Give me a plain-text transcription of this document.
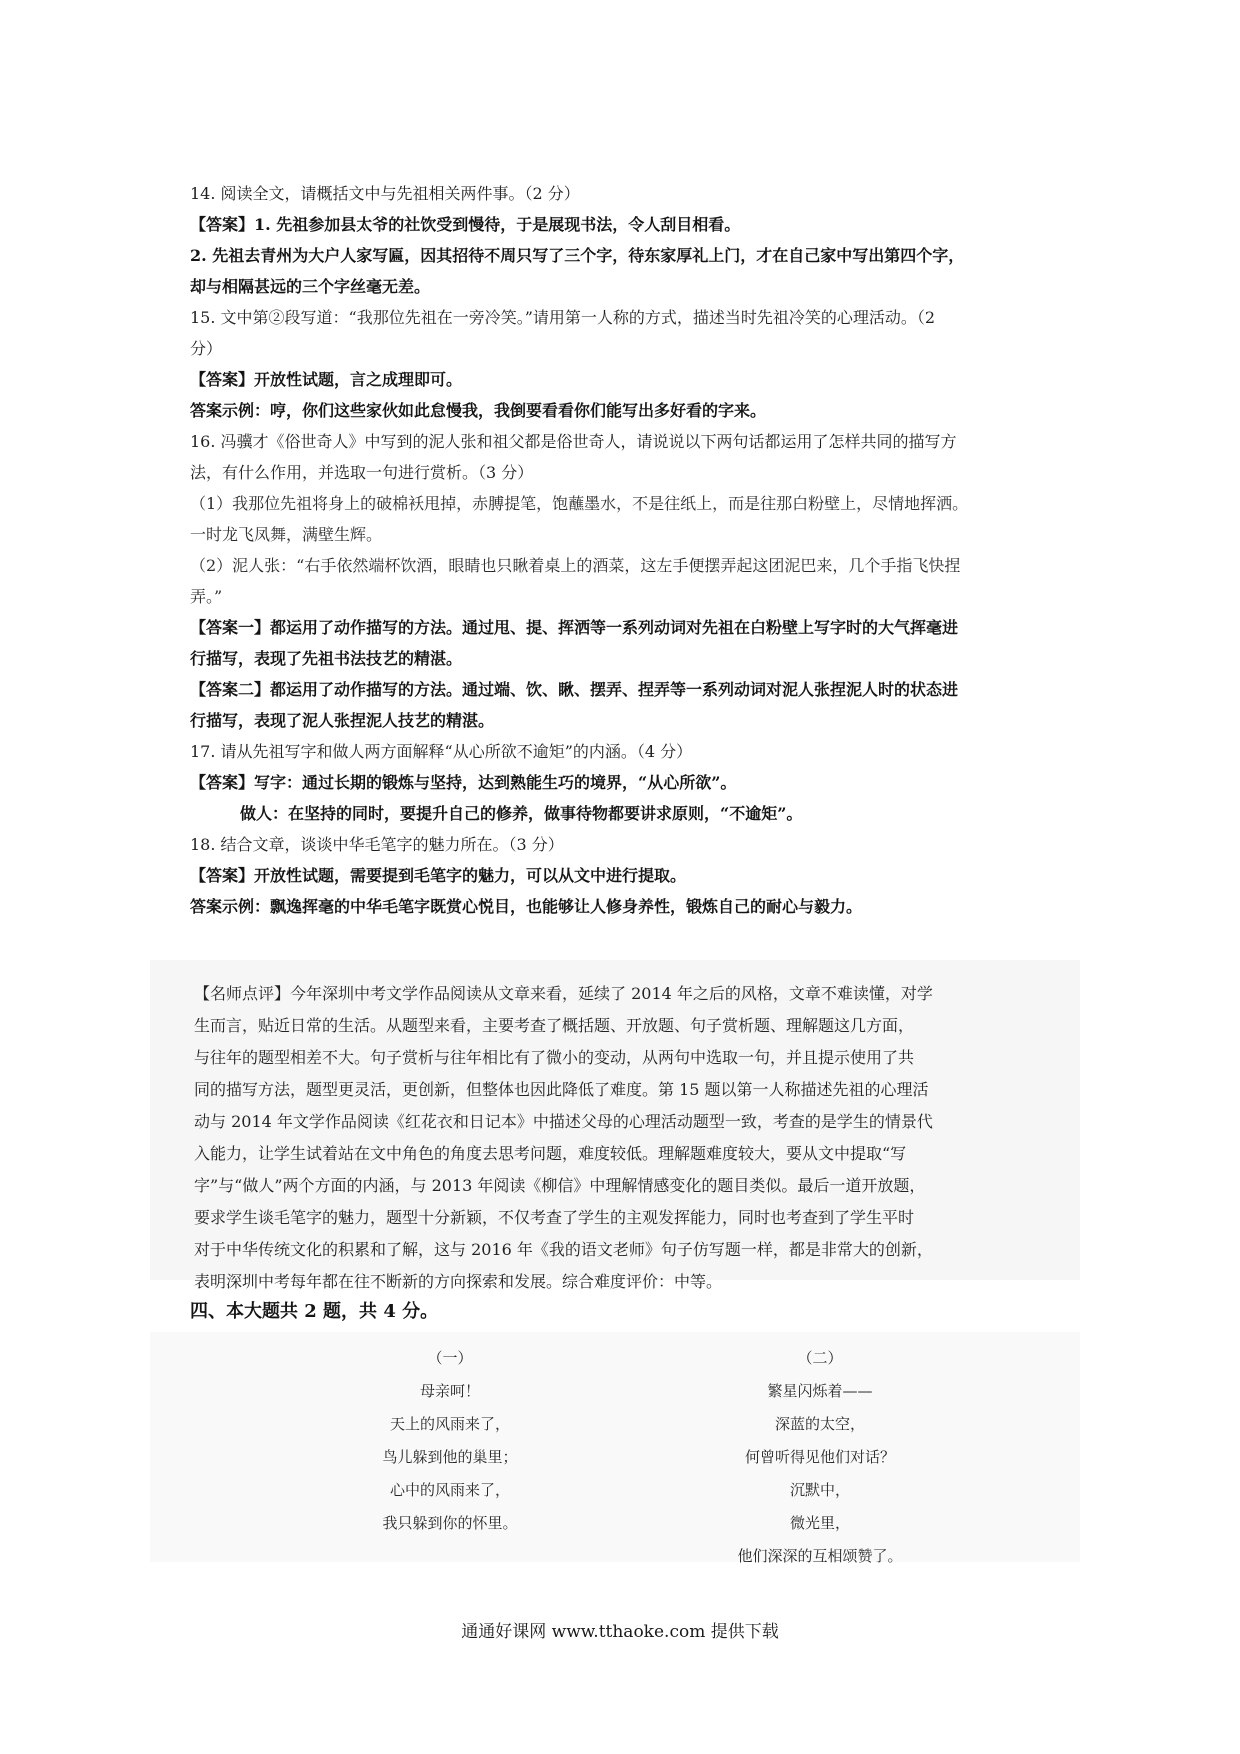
14. 阅读全文，请概括文中与先祖相关两件事。（2 分）
【答案】1. 先祖参加县太爷的社饮受到慢待，于是展现书法，令人刮目相看。
2. 先祖去青州为大户人家写匾，因其招待不周只写了三个字，待东家厚礼上门，才在自己家中写出第四个字，
却与相隔甚远的三个字丝毫无差。
15. 文中第②段写道：“我那位先祖在一旁冷笑。”请用第一人称的方式，描述当时先祖冷笑的心理活动。（2
分）
【答案】开放性试题，言之成理即可。
答案示例：哼，你们这些家伙如此怠慢我，我倒要看看你们能写出多好看的字来。
16. 冯骥才《俗世奇人》中写到的泥人张和祖父都是俗世奇人，请说说以下两句话都运用了怎样共同的描写方
法，有什么作用，并选取一句进行赏析。（3 分）
（1）我那位先祖将身上的破棉袄甩掉，赤膊提笔，饱蘸墨水，不是往纸上，而是往那白粉壁上，尽情地挥洒。
一时龙飞凤舞，满壁生辉。
（2）泥人张：“右手依然端杯饮酒，眼睛也只瞅着桌上的酒菜，这左手便摆弄起这团泥巴来，几个手指飞快捏
弄。”
【答案一】都运用了动作描写的方法。通过甩、提、挥洒等一系列动词对先祖在白粉壁上写字时的大气挥毫进
行描写，表现了先祖书法技艺的精湛。
【答案二】都运用了动作描写的方法。通过端、饮、瞅、摆弄、捏弄等一系列动词对泥人张捏泥人时的状态进
行描写，表现了泥人张捏泥人技艺的精湛。
17. 请从先祖写字和做人两方面解释“从心所欲不逾矩”的内涵。（4 分）
【答案】写字：通过长期的锻炼与坚持，达到熟能生巧的境界，“从心所欲”。
做人：在坚持的同时，要提升自己的修养，做事待物都要讲求原则，“不逾矩”。
18. 结合文章，谈谈中华毛笔字的魅力所在。（3 分）
【答案】开放性试题，需要提到毛笔字的魅力，可以从文中进行提取。
答案示例：飘逸挥毫的中华毛笔字既赏心悦目，也能够让人修身养性，锻炼自己的耐心与毅力。
【名师点评】今年深圳中考文学作品阅读从文章来看，延续了 2014 年之后的风格，文章不难读懂，对学
生而言，贴近日常的生活。从题型来看，主要考查了概括题、开放题、句子赏析题、理解题这几方面，
与往年的题型相差不大。句子赏析与往年相比有了微小的变动，从两句中选取一句，并且提示使用了共
同的描写方法，题型更灵活，更创新，但整体也因此降低了难度。第 15 题以第一人称描述先祖的心理活
动与 2014 年文学作品阅读《红花衣和日记本》中描述父母的心理活动题型一致，考查的是学生的情景代
入能力，让学生试着站在文中角色的角度去思考问题，难度较低。理解题难度较大，要从文中提取“写
字”与“做人”两个方面的内涵，与 2013 年阅读《柳信》中理解情感变化的题目类似。最后一道开放题，
要求学生谈毛笔字的魅力，题型十分新颖，不仅考查了学生的主观发挥能力，同时也考查到了学生平时
对于中华传统文化的积累和了解，这与 2016 年《我的语文老师》句子仿写题一样，都是非常大的创新，
表明深圳中考每年都在往不断新的方向探索和发展。综合难度评价：中等。
四、本大题共 2 题，共 4 分。
（一）
母亲呵！
天上的风雨来了，
鸟儿躲到他的巢里；
心中的风雨来了，
我只躲到你的怀里。
（二）
繁星闪烁着——
深蓝的太空，
何曾听得见他们对话？
沉默中，
微光里，
他们深深的互相颂赞了。
通通好课网 www.tthaoke.com 提供下载
